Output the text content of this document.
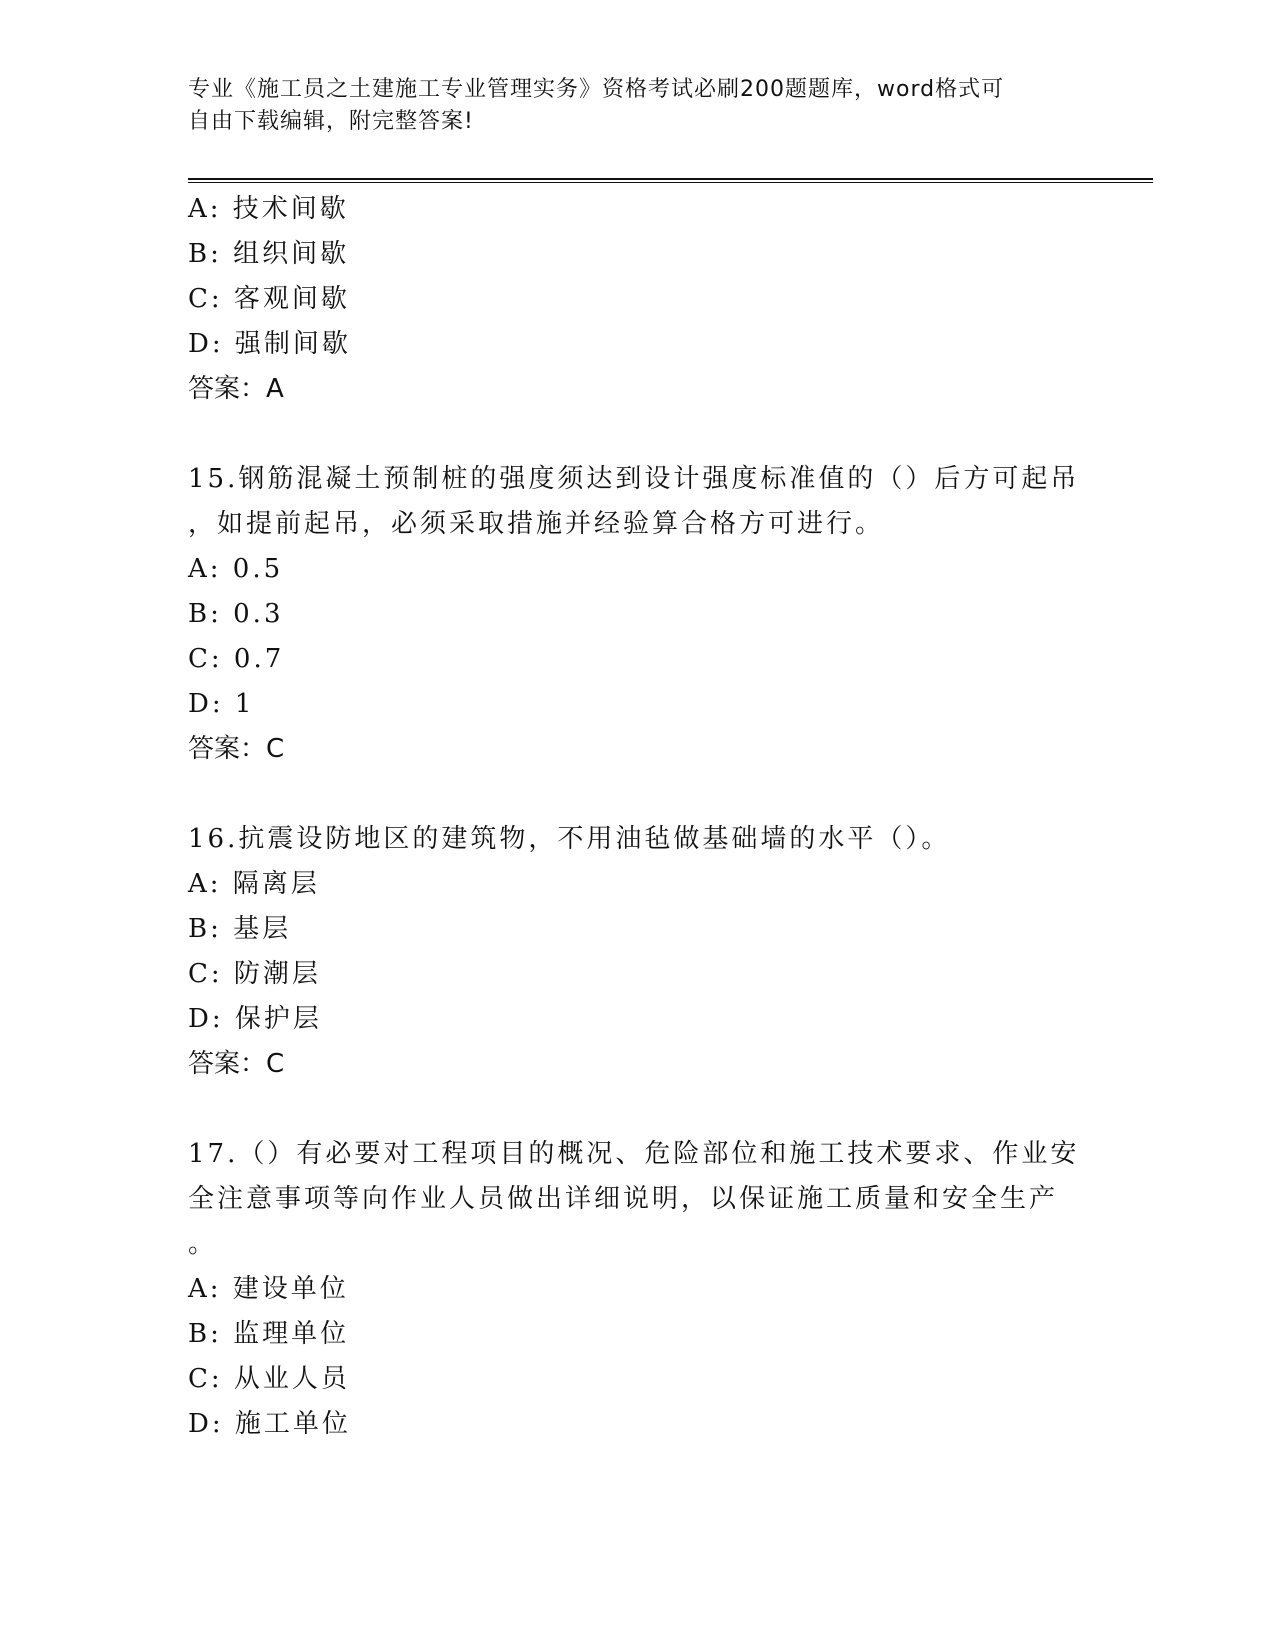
专业《施工员之土建施工专业管理实务》资格考试必刷200题题库，word格式可
自由下载编辑，附完整答案!
A: 技术间歇
B: 组织间歇
C: 客观间歇
D: 强制间歇
答案：A
15.钢筋混凝土预制桩的强度须达到设计强度标准值的（）后方可起吊
，如提前起吊，必须采取措施并经验算合格方可进行。
A: 0.5
B: 0.3
C: 0.7
D: 1
答案：C
16.抗震设防地区的建筑物，不用油毡做基础墙的水平（）。
A: 隔离层
B: 基层
C: 防潮层
D: 保护层
答案：C
17.（）有必要对工程项目的概况、危险部位和施工技术要求、作业安
全注意事项等向作业人员做出详细说明，以保证施工质量和安全生产
。
A: 建设单位
B: 监理单位
C: 从业人员
D: 施工单位
